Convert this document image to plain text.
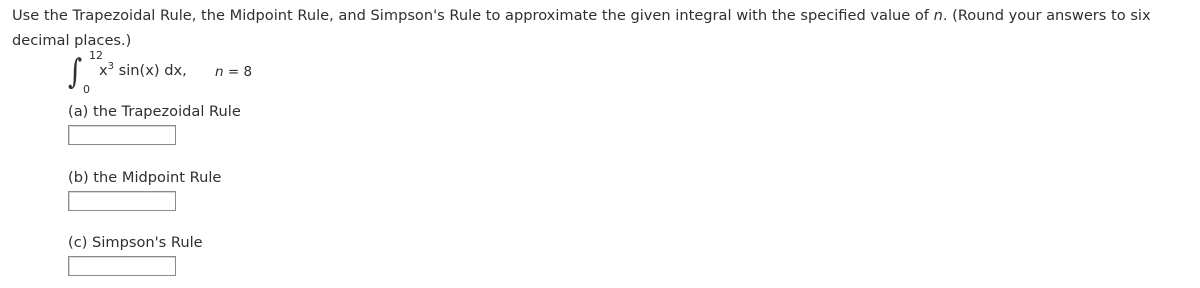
Use the Trapezoidal Rule, the Midpoint Rule, and Simpson's Rule to approximate the given integral with the specified value of n. (Round your answers to six decimal places.)

∫ 12
0
$x^3$ sin(x) dx, n = 8
(a) the Trapezoidal Rule
(b) the Midpoint Rule
(c) Simpson's Rule
